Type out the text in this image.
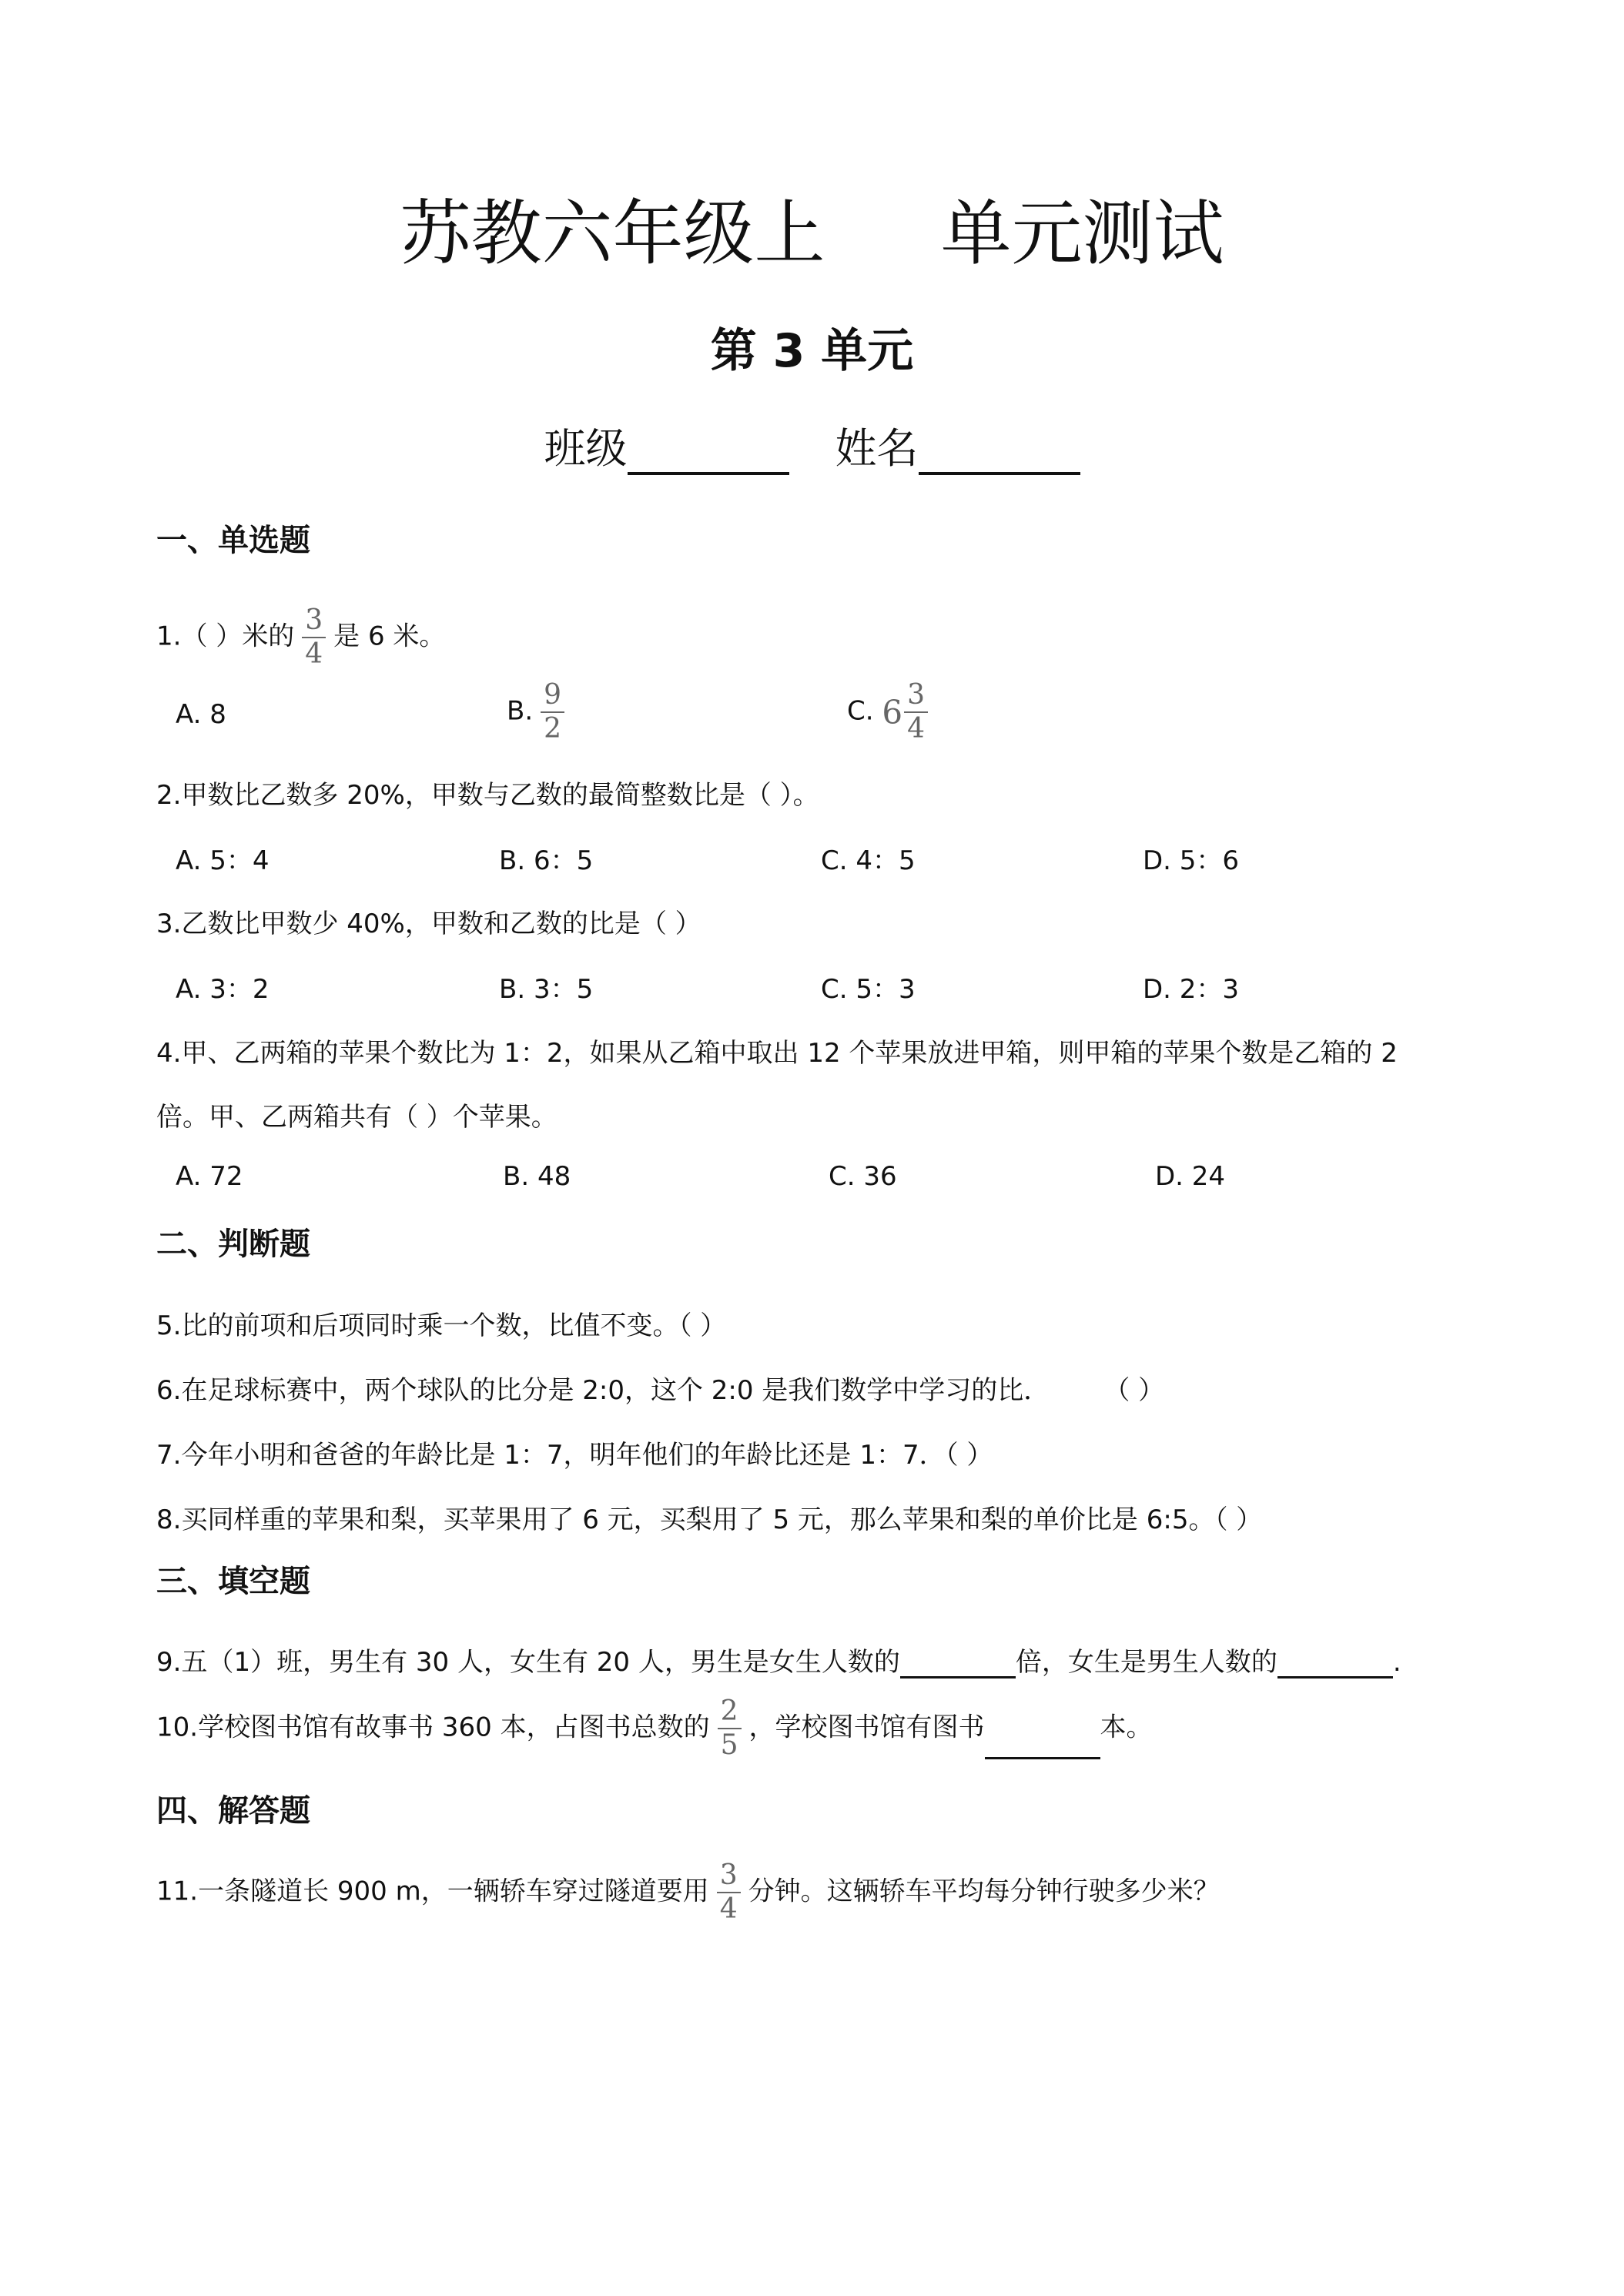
苏教六年级上 单元测试
第 3 单元
班级	姓名
一、单选题
1.（ ）米的 $\frac{3}{4}$ 是 6 米。
A. 8	B. $\frac{9}{2}$	C. $6 \frac{3}{4}$
2.甲数比乙数多 20%，甲数与乙数的最简整数比是（ ）。
A. 5：4	B. 6：5	C. 4：5	D. 5：6
3.乙数比甲数少 40%，甲数和乙数的比是（ ）
A. 3：2	B. 3：5	C. 5：3	D. 2：3
4.甲、乙两箱的苹果个数比为 1：2，如果从乙箱中取出 12 个苹果放进甲箱，则甲箱的苹果个数是乙箱的 2
倍。甲、乙两箱共有（ ）个苹果。
A. 72	B. 48	C. 36	D. 24
二、判断题
5.比的前项和后项同时乘一个数，比值不变。（ ）
6.在足球标赛中，两个球队的比分是 2:0，这个 2:0 是我们数学中学习的比． （ ）
7.今年小明和爸爸的年龄比是 1：7，明年他们的年龄比还是 1：7．（ ）
8.买同样重的苹果和梨，买苹果用了 6 元，买梨用了 5 元，那么苹果和梨的单价比是 6:5。（ ）
三、填空题
9.五（1）班，男生有 30 人，女生有 20 人，男生是女生人数的	倍，女生是男生人数的	.
10.学校图书馆有故事书 360 本，占图书总数的 $\frac{2}{5}$ ，学校图书馆有图书	本。
四、解答题
11.一条隧道长 900 m，一辆轿车穿过隧道要用 $\frac{3}{4}$ 分钟。这辆轿车平均每分钟行驶多少米？
